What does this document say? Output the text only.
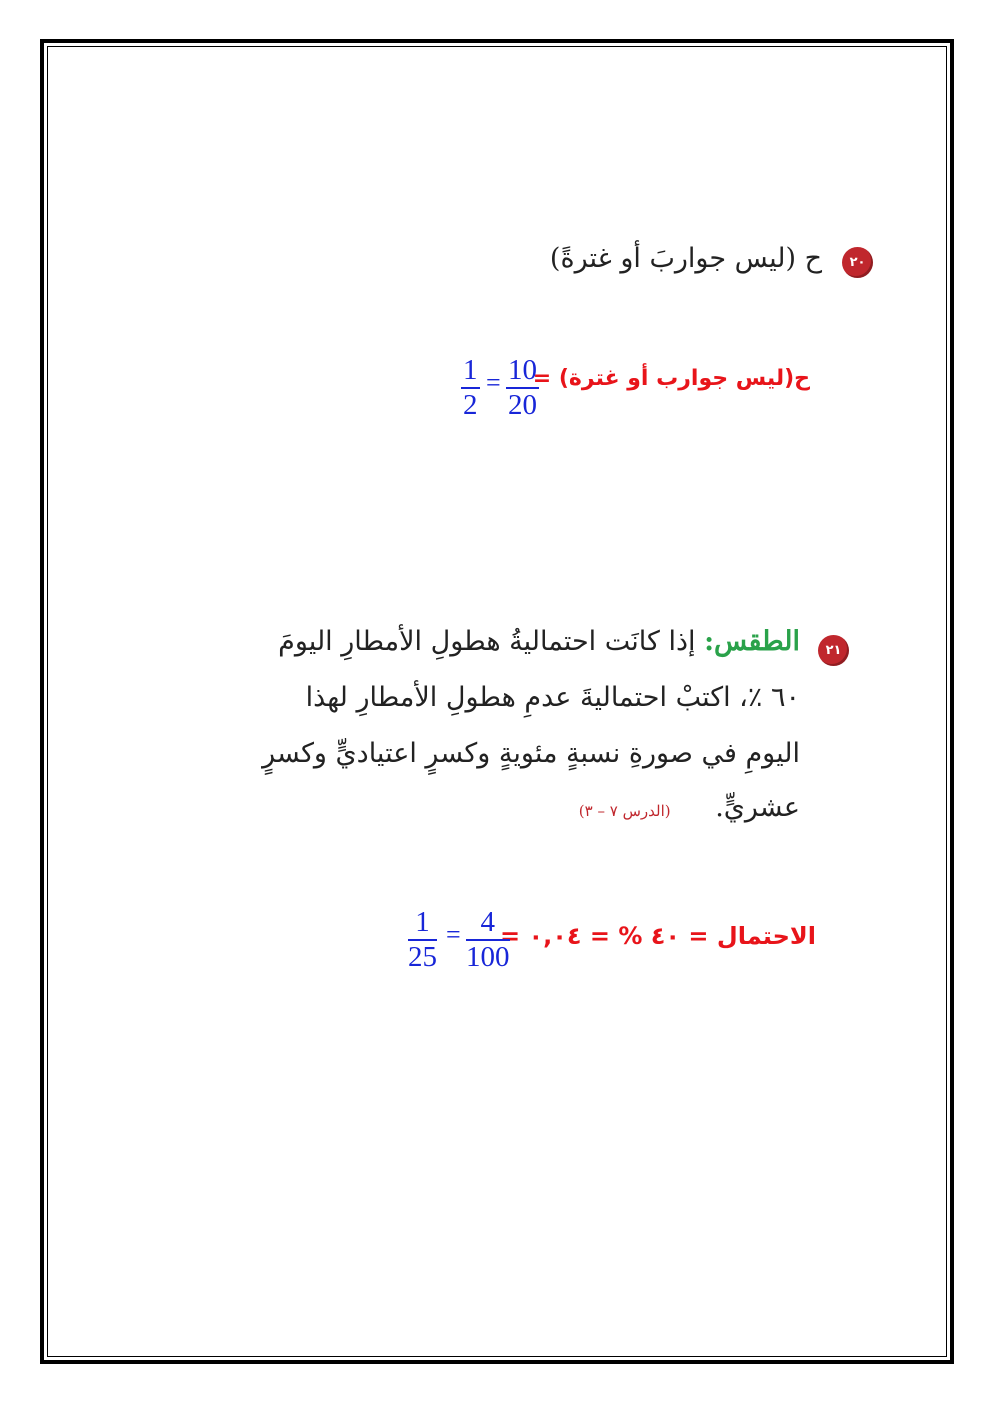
٢٠
ح (ليس جواربَ أو غترةً)
ح(ليس جوارب أو غترة) =
$\frac{10}{20}$
=
$\frac{1}{2}$
٢١
الطقس: إذا كانَت احتماليةُ هطولِ الأمطارِ اليومَ
٦٠ ٪، اكتبْ احتماليةَ عدمِ هطولِ الأمطارِ لهذا
اليومِ في صورةِ نسبةٍ مئويةٍ وكسرٍ اعتياديٍّ وكسرٍ
عشريٍّ. (الدرس ٧ – ٣)
الاحتمال = ٤٠ % = ٠,٠٤ =
$\frac{4}{100}$
=
$\frac{1}{25}$
